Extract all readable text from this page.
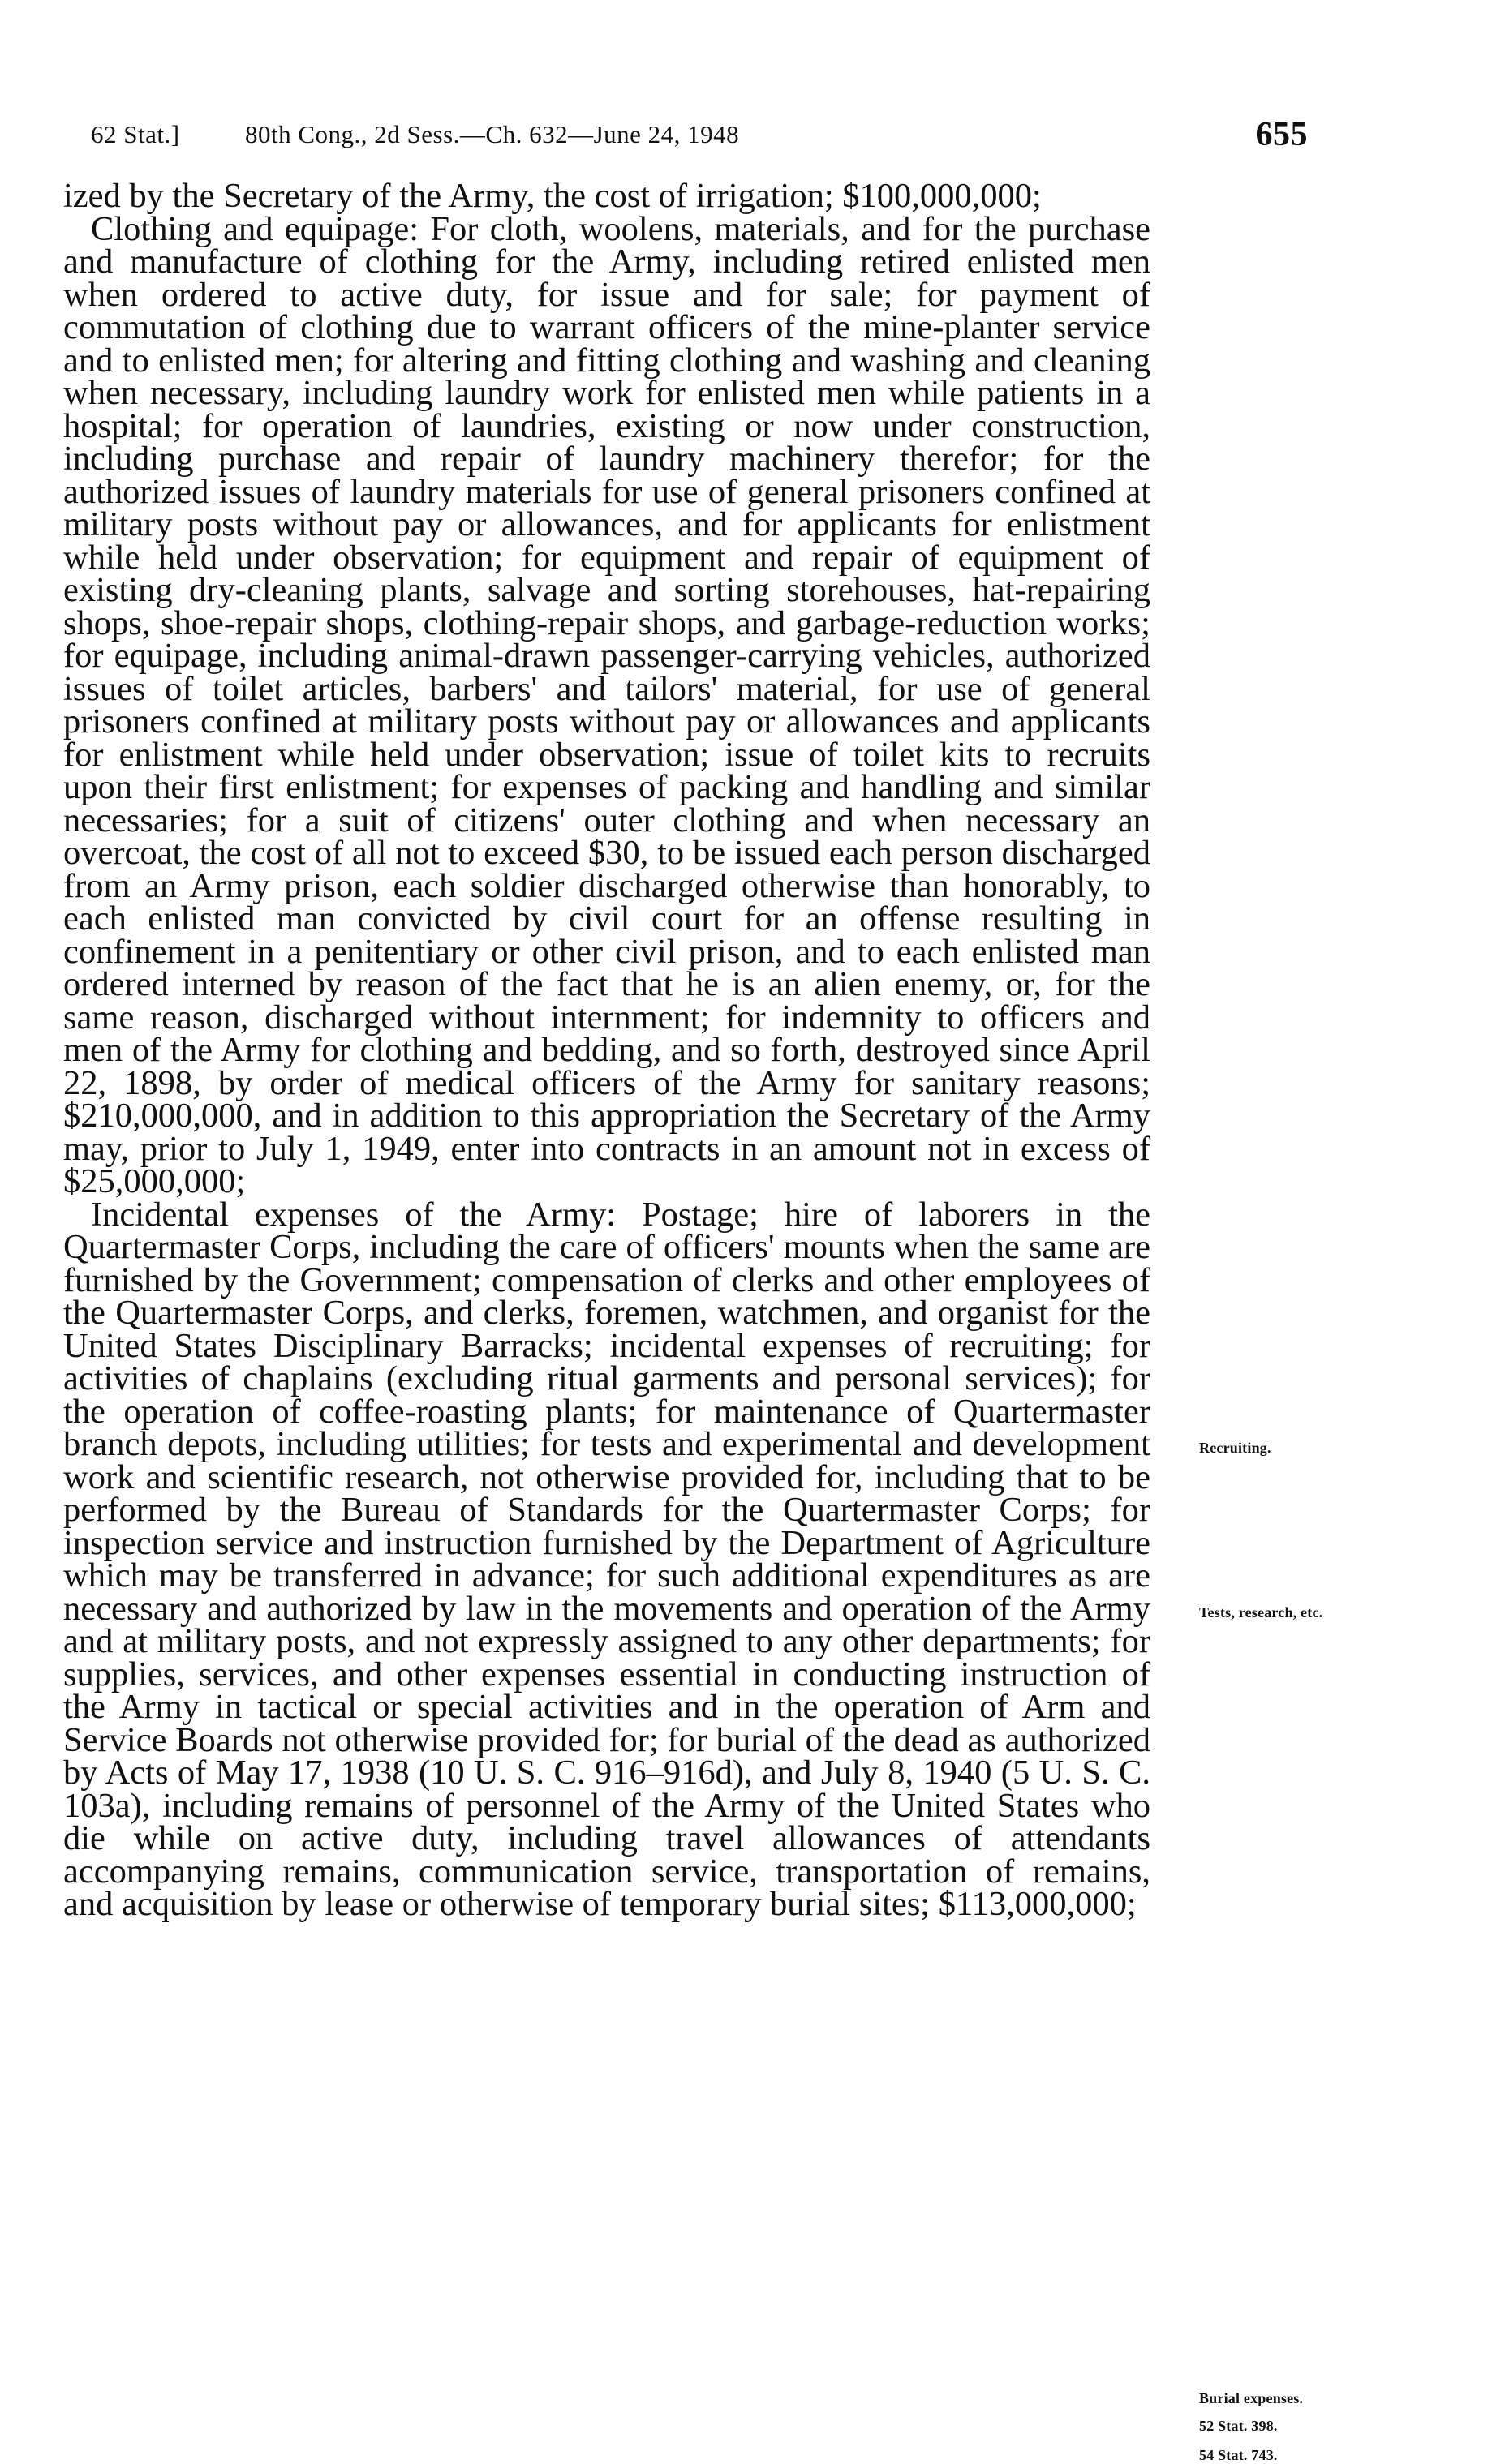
62 Stat.]	80th Cong., 2d Sess.—Ch. 632—June 24, 1948	655

ized by the Secretary of the Army, the cost of irrigation; $100,000,000;

Clothing and equipage: For cloth, woolens, materials, and for the purchase and manufacture of clothing for the Army, including retired enlisted men when ordered to active duty, for issue and for sale; for payment of commutation of clothing due to warrant officers of the mine-planter service and to enlisted men; for altering and fitting clothing and washing and cleaning when necessary, including laundry work for enlisted men while patients in a hospital; for operation of laundries, existing or now under construction, including purchase and repair of laundry machinery therefor; for the authorized issues of laundry materials for use of general prisoners confined at military posts without pay or allowances, and for applicants for enlistment while held under observation; for equipment and repair of equipment of existing dry-cleaning plants, salvage and sorting storehouses, hat-repairing shops, shoe-repair shops, clothing-repair shops, and garbage-reduction works; for equipage, including animal-drawn passenger-carrying vehicles, authorized issues of toilet articles, barbers' and tailors' material, for use of general prisoners confined at military posts without pay or allowances and applicants for enlistment while held under observation; issue of toilet kits to recruits upon their first enlistment; for expenses of packing and handling and similar necessaries; for a suit of citizens' outer clothing and when necessary an overcoat, the cost of all not to exceed $30, to be issued each person discharged from an Army prison, each soldier discharged otherwise than honorably, to each enlisted man convicted by civil court for an offense resulting in confinement in a penitentiary or other civil prison, and to each enlisted man ordered interned by reason of the fact that he is an alien enemy, or, for the same reason, discharged without internment; for indemnity to officers and men of the Army for clothing and bedding, and so forth, destroyed since April 22, 1898, by order of medical officers of the Army for sanitary reasons; $210,000,000, and in addition to this appropriation the Secretary of the Army may, prior to July 1, 1949, enter into contracts in an amount not in excess of $25,000,000;

Incidental expenses of the Army: Postage; hire of laborers in the Quartermaster Corps, including the care of officers' mounts when the same are furnished by the Government; compensation of clerks and other employees of the Quartermaster Corps, and clerks, foremen, watchmen, and organist for the United States Disciplinary Barracks; incidental expenses of recruiting; for activities of chaplains (excluding ritual garments and personal services); for the operation of coffee-roasting plants; for maintenance of Quartermaster branch depots, including utilities; for tests and experimental and development work and scientific research, not otherwise provided for, including that to be performed by the Bureau of Standards for the Quartermaster Corps; for inspection service and instruction furnished by the Department of Agriculture which may be transferred in advance; for such additional expenditures as are necessary and authorized by law in the movements and operation of the Army and at military posts, and not expressly assigned to any other departments; for supplies, services, and other expenses essential in conducting instruction of the Army in tactical or special activities and in the operation of Arm and Service Boards not otherwise provided for; for burial of the dead as authorized by Acts of May 17, 1938 (10 U. S. C. 916–916d), and July 8, 1940 (5 U. S. C. 103a), including remains of personnel of the Army of the United States who die while on active duty, including travel allowances of attendants accompanying remains, communication service, transportation of remains, and acquisition by lease or otherwise of temporary burial sites; $113,000,000;

Recruiting.
Tests, research, etc.
Burial expenses.
52 Stat. 398.
54 Stat. 743.
